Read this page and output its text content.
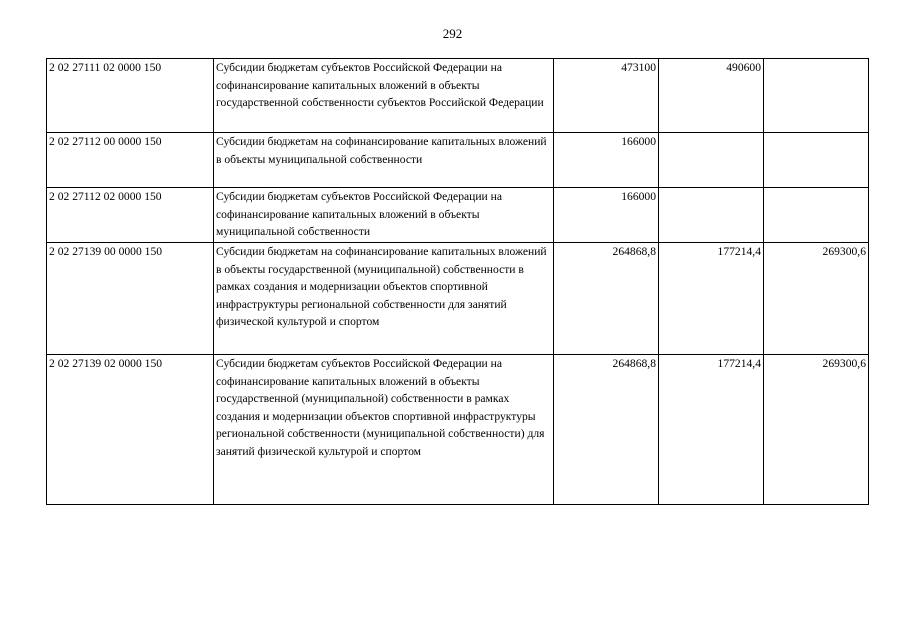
292
2 02 27111 02 0000 150	Субсидии бюджетам субъектов Российской Федерации на софинансирование капитальных вложений в объекты государственной собственности субъектов Российской Федерации	473100	490600	
2 02 27112 00 0000 150	Субсидии бюджетам на софинансирование капитальных вложений в объекты муниципальной собственности	166000		
2 02 27112 02 0000 150	Субсидии бюджетам субъектов Российской Федерации на софинансирование капитальных вложений в объекты муниципальной собственности	166000		
2 02 27139 00 0000 150	Субсидии бюджетам на софинансирование капитальных вложений в объекты государственной (муниципальной) собственности в рамках создания и модернизации объектов спортивной инфраструктуры региональной собственности для занятий физической культурой и спортом	264868,8	177214,4	269300,6
2 02 27139 02 0000 150	Субсидии бюджетам субъектов Российской Федерации на софинансирование капитальных вложений в объекты государственной (муниципальной) собственности в рамках создания и модернизации объектов спортивной инфраструктуры региональной собственности (муниципальной собственности) для занятий физической культурой и спортом	264868,8	177214,4	269300,6
